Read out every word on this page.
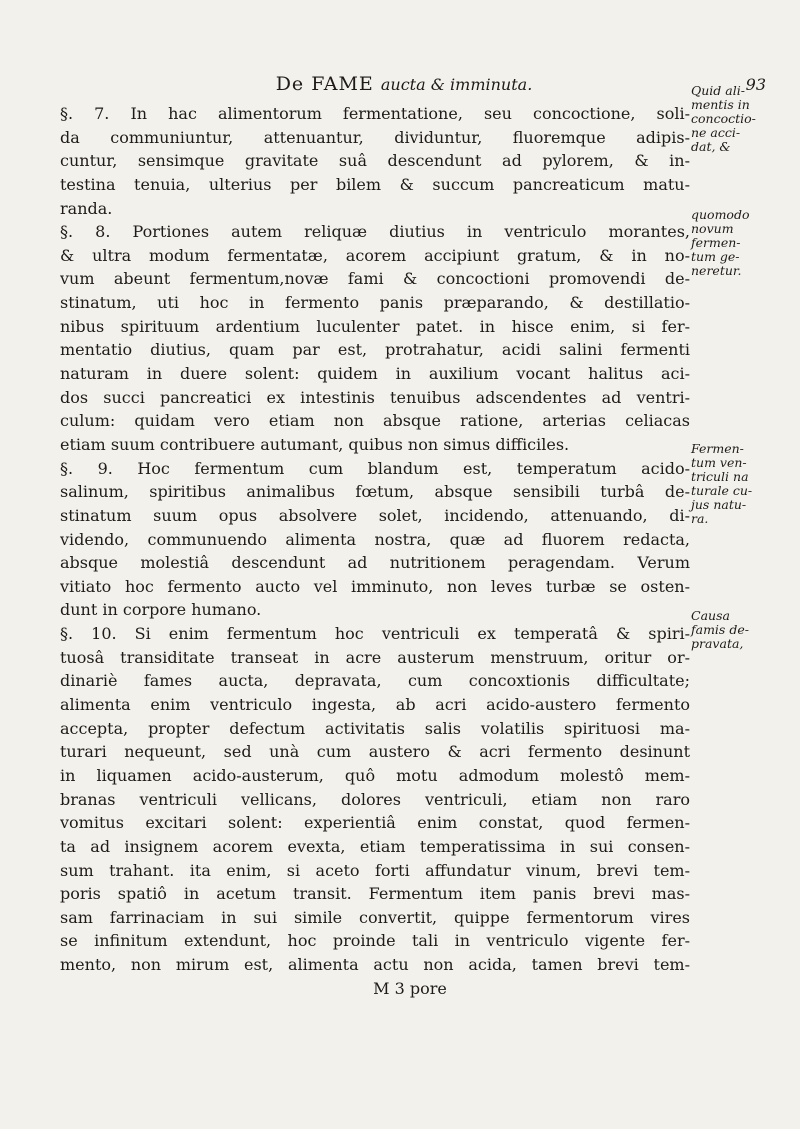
De FAME aucta & imminuta.	93
§. 7. In hac alimentorum fermentatione, seu concoctione, soli-
da communiuntur, attenuantur, dividuntur, fluoremque adipis-
cuntur, sensimque gravitate suâ descendunt ad pylorem, & in-
testina tenuia, ulterius per bilem & succum pancreaticum matu-
randa.
§. 8. Portiones autem reliquæ diutius in ventriculo morantes,
& ultra modum fermentatæ, acorem accipiunt gratum, & in no-
vum abeunt fermentum,novæ fami & concoctioni promovendi de-
stinatum, uti hoc in fermento panis præparando, & destillatio-
nibus spirituum ardentium luculenter patet. in hisce enim, si fer-
mentatio diutius, quam par est, protrahatur, acidi salini fermenti
naturam in duere solent: quidem in auxilium vocant halitus aci-
dos succi pancreatici ex intestinis tenuibus adscendentes ad ventri-
culum: quidam vero etiam non absque ratione, arterias celiacas
etiam suum contribuere autumant, quibus non simus difficiles.
§. 9. Hoc fermentum cum blandum est, temperatum acido-
salinum, spiritibus animalibus fœtum, absque sensibili turbâ de-
stinatum suum opus absolvere solet, incidendo, attenuando, di-
videndo, communuendo alimenta nostra, quæ ad fluorem redacta,
absque molestiâ descendunt ad nutritionem peragendam. Verum
vitiato hoc fermento aucto vel imminuto, non leves turbæ se osten-
dunt in corpore humano.
§. 10. Si enim fermentum hoc ventriculi ex temperatâ & spiri-
tuosâ transiditate transeat in acre austerum menstruum, oritur or-
dinariè fames aucta, depravata, cum concoxtionis difficultate;
alimenta enim ventriculo ingesta, ab acri acido-austero fermento
accepta, propter defectum activitatis salis volatilis spirituosi ma-
turari nequeunt, sed unà cum austero & acri fermento desinunt
in liquamen acido-austerum, quô motu admodum molestô mem-
branas ventriculi vellicans, dolores ventriculi, etiam non raro
vomitus excitari solent: experientiâ enim constat, quod fermen-
ta ad insignem acorem evexta, etiam temperatissima in sui consen-
sum trahant. ita enim, si aceto forti affundatur vinum, brevi tem-
poris spatiô in acetum transit. Fermentum item panis brevi mas-
sam farrinaciam in sui simile convertit, quippe fermentorum vires
se infinitum extendunt, hoc proinde tali in ventriculo vigente fer-
mento, non mirum est, alimenta actu non acida, tamen brevi tem-
M 3 pore
Quid ali-
mentis in
concoctio-
ne acci-
dat, &
quomodo
novum
fermen-
tum ge-
neretur.
Fermen-
tum ven-
triculi na
turale cu-
jus natu-
ra.
Causa
famis de-
pravata,
